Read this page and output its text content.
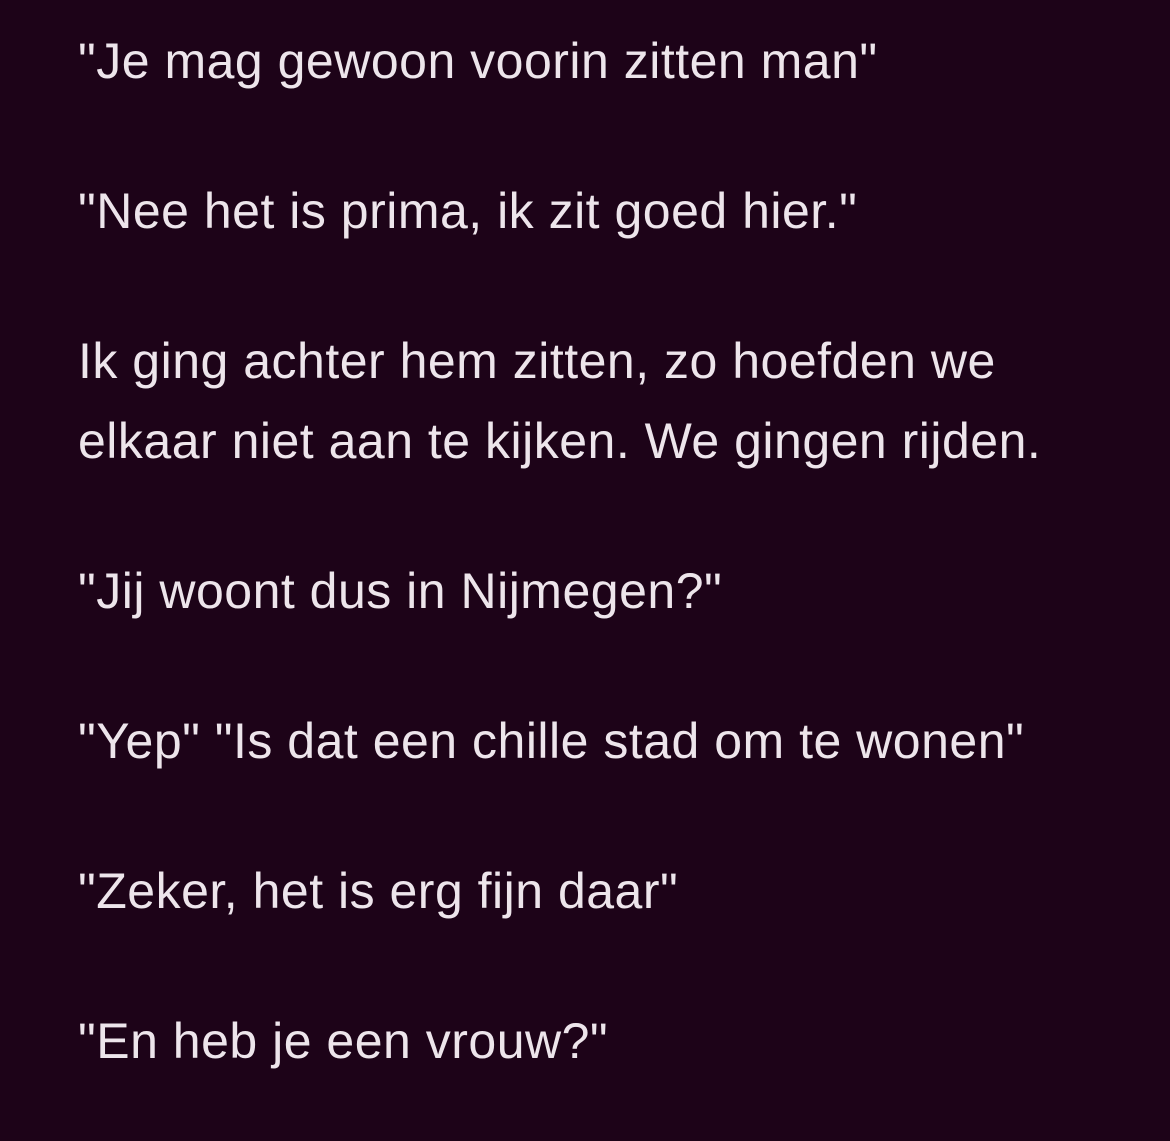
"Je mag gewoon voorin zitten man"
"Nee het is prima, ik zit goed hier."
Ik ging achter hem zitten, zo hoefden we
elkaar niet aan te kijken. We gingen rijden.
"Jij woont dus in Nijmegen?"
"Yep" "Is dat een chille stad om te wonen"
"Zeker, het is erg fijn daar"
"En heb je een vrouw?"
